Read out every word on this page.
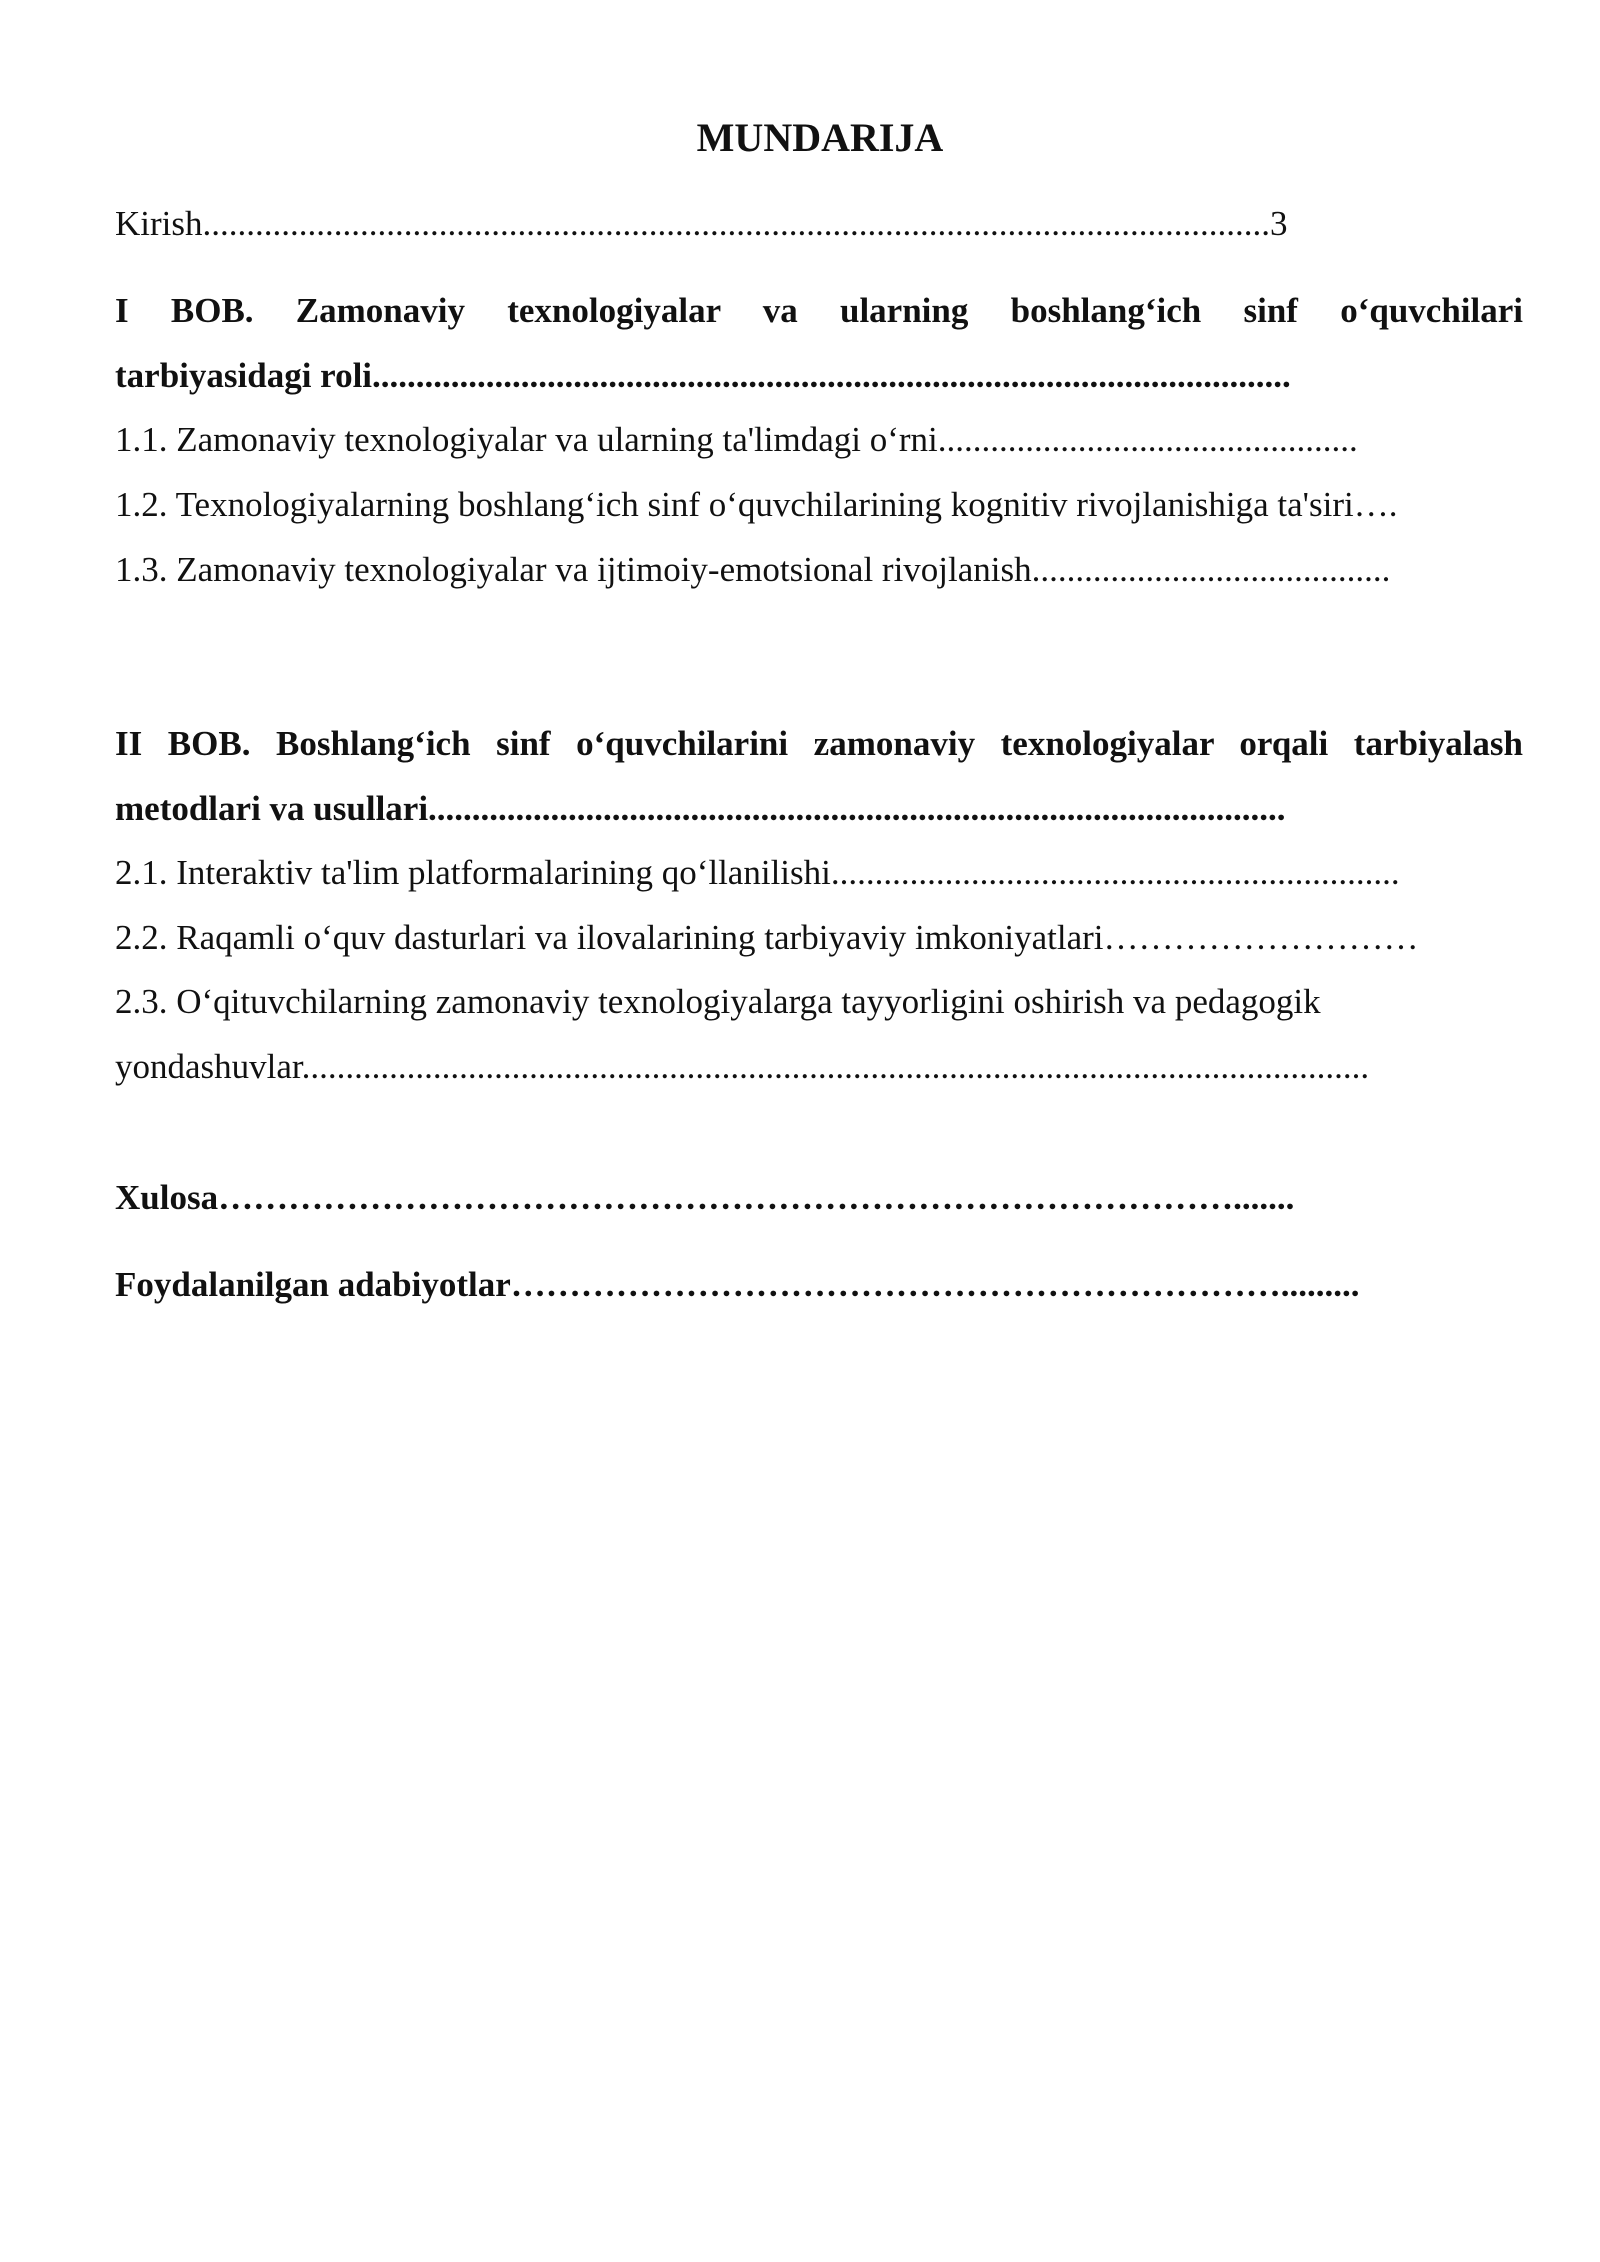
MUNDARIJA
Kirish..........................................................................................................................3
I BOB. Zamonaviy texnologiyalar va ularning boshlang‘ich sinf o‘quvchilari
tarbiyasidagi roli.........................................................................................................
1.1. Zamonaviy texnologiyalar va ularning ta'limdagi o‘rni................................................
1.2. Texnologiyalarning boshlang‘ich sinf o‘quvchilarining kognitiv rivojlanishiga ta'siri….
1.3. Zamonaviy texnologiyalar va ijtimoiy-emotsional rivojlanish.........................................
II BOB. Boshlang‘ich sinf o‘quvchilarini zamonaviy texnologiyalar orqali tarbiyalash
metodlari va usullari..................................................................................................
2.1. Interaktiv ta'lim platformalarining qo‘llanilishi.................................................................
2.2. Raqamli o‘quv dasturlari va ilovalarining tarbiyaviy imkoniyatlari………………………
2.3. O‘qituvchilarning zamonaviy texnologiyalarga tayyorligini oshirish va pedagogik
yondashuvlar..........................................................................................................................
Xulosa…………………………………………………………………………….......
Foydalanilgan adabiyotlar………………………………………………………….........
